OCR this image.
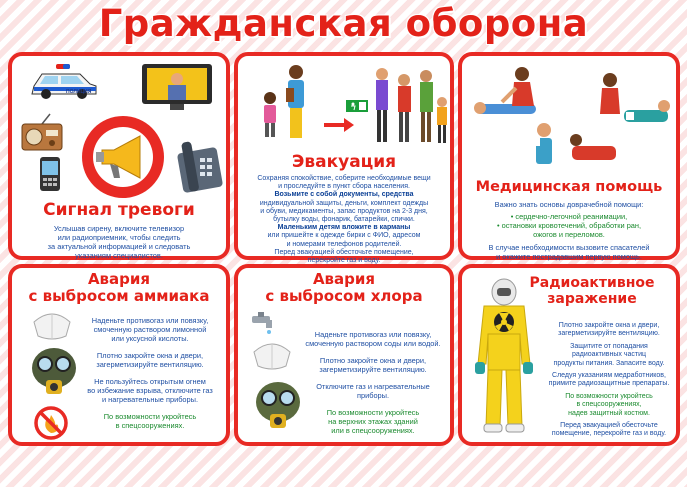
Гражданская оборона
ПОЛИЦИЯ
Сигнал тревоги
Услышав сирену, включите телевизор
или радиоприемник, чтобы следить
за актуальной информацией и следовать
указаниям специалистов.
Эвакуация
Сохраняя спокойствие, соберите необходимые вещи
и проследуйте в пункт сбора населения.
Возьмите с собой документы, средства
индивидуальной защиты, деньги, комплект одежды
и обуви, медикаменты, запас продуктов на 2-3 дня,
бутылку воды, фонарик, батарейки, спички.
Маленьким детям вложите в карманы
или пришейте к одежде бирки с ФИО, адресом
и номерами телефонов родителей.
Перед эвакуацией обесточьте помещение,
перекройте газ и воду.
Медицинская помощь
Важно знать основы доврачебной помощи:
• сердечно-легочной реанимации,
• остановки кровотечений, обработки ран,
ожогов и переломов.
В случае необходимости вызовите спасателей
и окажите пострадавшим первую помощь.
Авария
с выбросом аммиака

Наденьте противогаз или повязку,
смоченную раствором лимонной
или уксусной кислоты.

Плотно закройте окна и двери,
загерметизируйте вентиляцию.

Не пользуйтесь открытым огнем
во избежание взрыва, отключите газ
и нагревательные приборы.

По возможности укройтесь
в спецсооружениях.

Авария
с выбросом хлора

Наденьте противогаз или повязку,
смоченную раствором соды или водой.

Плотно закройте окна и двери,
загерметизируйте вентиляцию.

Отключите газ и нагревательные
приборы.

По возможности укройтесь
на верхних этажах зданий
или в спецсооружениях.

Радиоактивное
заражение

Плотно закройте окна и двери,
загерметизируйте вентиляцию.

Защитите от попадания
радиоактивных частиц
продукты питания. Запасите воду.

Следуя указаниям медработников,
примите радиозащитные препараты.

По возможности укройтесь
в спецсооружениях,
надев защитный костюм.

Перед эвакуацией обесточьте
помещение, перекройте газ и воду.
